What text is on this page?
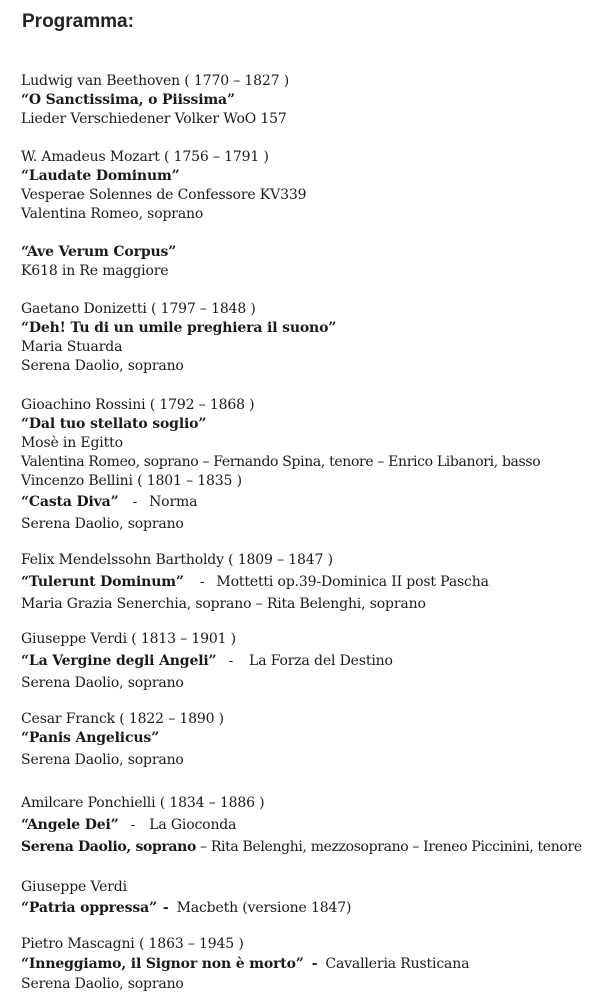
Programma:
Ludwig van Beethoven ( 1770 – 1827 )
“O Sanctissima, o Piissima”
Lieder Verschiedener Volker WoO 157
W. Amadeus Mozart ( 1756 – 1791 )
“Laudate Dominum”
Vesperae Solennes de Confessore KV339
Valentina Romeo, soprano
“Ave Verum Corpus”
K618 in Re maggiore
Gaetano Donizetti ( 1797 – 1848 )
“Deh! Tu di un umile preghiera il suono”
Maria Stuarda
Serena Daolio, soprano
Gioachino Rossini ( 1792 – 1868 )
“Dal tuo stellato soglio”
Mosè in Egitto
Valentina Romeo, soprano – Fernando Spina, tenore – Enrico Libanori, basso
Vincenzo Bellini ( 1801 – 1835 )
“Casta Diva” - Norma
Serena Daolio, soprano
Felix Mendelssohn Bartholdy ( 1809 – 1847 )
“Tulerunt Dominum” - Mottetti op.39-Dominica II post Pascha
Maria Grazia Senerchia, soprano – Rita Belenghi, soprano
Giuseppe Verdi ( 1813 – 1901 )
“La Vergine degli Angeli” - La Forza del Destino
Serena Daolio, soprano
Cesar Franck ( 1822 – 1890 )
“Panis Angelicus”
Serena Daolio, soprano
Amilcare Ponchielli ( 1834 – 1886 )
“Angele Dei” - La Gioconda
Serena Daolio, soprano – Rita Belenghi, mezzosoprano – Ireneo Piccinini, tenore
Giuseppe Verdi
“Patria oppressa” - Macbeth (versione 1847)
Pietro Mascagni ( 1863 – 1945 )
“Inneggiamo, il Signor non è morto” - Cavalleria Rusticana
Serena Daolio, soprano
